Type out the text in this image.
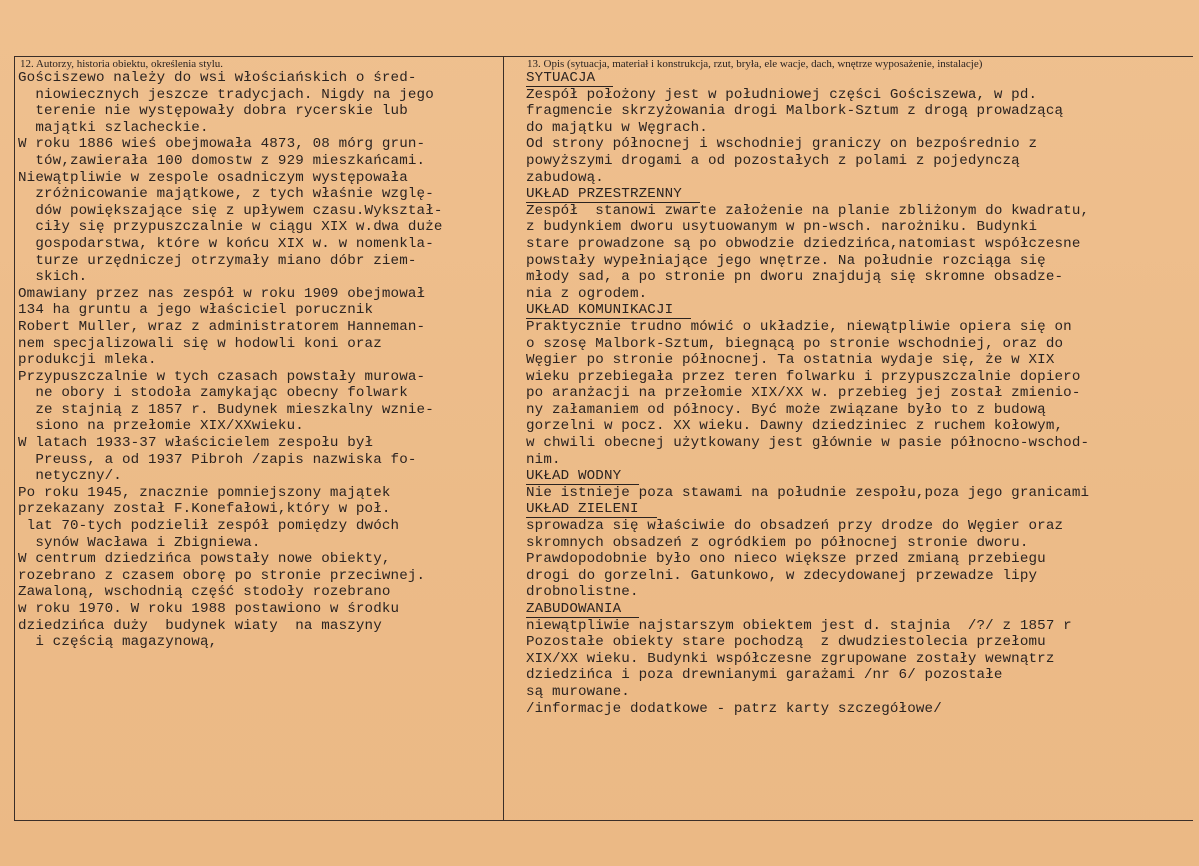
12. Autorzy, historia obiektu, określenia stylu.	13. Opis (sytuacja, materiał i konstrukcja, rzut, bryła, ele wacje, dach, wnętrze wyposażenie, instalacje)
Gościszewo należy do wsi włościańskich o śred-
niowiecznych jeszcze tradycjach. Nigdy na jego
terenie nie występowały dobra rycerskie lub
majątki szlacheckie.
W roku 1886 wieś obejmowała 4873, 08 mórg grun-
tów,zawierała 100 domostw z 929 mieszkańcami.
Niewątpliwie w zespole osadniczym występowała
zróżnicowanie majątkowe, z tych właśnie wzglę-
dów powiększające się z upływem czasu.Wykształ-
ciły się przypuszczalnie w ciągu XIX w.dwa duże
gospodarstwa, które w końcu XIX w. w nomenkla-
turze urzędniczej otrzymały miano dóbr ziem-
skich.
Omawiany przez nas zespół w roku 1909 obejmował
134 ha gruntu a jego właściciel porucznik
Robert Muller, wraz z administratorem Hanneman-
nem specjalizowali się w hodowli koni oraz
produkcji mleka.
Przypuszczalnie w tych czasach powstały murowa-
ne obory i stodoła zamykając obecny folwark
ze stajnią z 1857 r. Budynek mieszkalny wznie-
siono na przełomie XIX/XXwieku.
W latach 1933-37 właścicielem zespołu był
Preuss, a od 1937 Pibroh /zapis nazwiska fo-
netyczny/.
Po roku 1945, znacznie pomniejszony majątek
przekazany został F.Konefałowi,który w poł.
lat 70-tych podzielił zespół pomiędzy dwóch
synów Wacława i Zbigniewa.
W centrum dziedzińca powstały nowe obiekty,
rozebrano z czasem oborę po stronie przeciwnej.
Zawaloną, wschodnią część stodoły rozebrano
w roku 1970. W roku 1988 postawiono w środku
dziedzińca duży  budynek wiaty  na maszyny
i częścią magazynową,
SYTUACJA
Zespół położony jest w południowej części Gościszewa, w pd.
fragmencie skrzyżowania drogi Malbork-Sztum z drogą prowadzącą
do majątku w Węgrach.
Od strony północnej i wschodniej graniczy on bezpośrednio z
powyższymi drogami a od pozostałych z polami z pojedynczą
zabudową.
UKŁAD PRZESTRZENNY
Zespół  stanowi zwarte założenie na planie zbliżonym do kwadratu,
z budynkiem dworu usytuowanym w pn-wsch. narożniku. Budynki
stare prowadzone są po obwodzie dziedzińca,natomiast współczesne
powstały wypełniające jego wnętrze. Na południe rozciąga się
młody sad, a po stronie pn dworu znajdują się skromne obsadze-
nia z ogrodem.
UKŁAD KOMUNIKACJI
Praktycznie trudno mówić o układzie, niewątpliwie opiera się on
o szosę Malbork-Sztum, biegnącą po stronie wschodniej, oraz do
Węgier po stronie północnej. Ta ostatnia wydaje się, że w XIX
wieku przebiegała przez teren folwarku i przypuszczalnie dopiero
po aranżacji na przełomie XIX/XX w. przebieg jej został zmienio-
ny załamaniem od północy. Być może związane było to z budową
gorzelni w pocz. XX wieku. Dawny dziedziniec z ruchem kołowym,
w chwili obecnej użytkowany jest głównie w pasie północno-wschod-
nim.
UKŁAD WODNY
Nie istnieje poza stawami na południe zespołu,poza jego granicami
UKŁAD ZIELENI
sprowadza się właściwie do obsadzeń przy drodze do Węgier oraz
skromnych obsadzeń z ogródkiem po północnej stronie dworu.
Prawdopodobnie było ono nieco większe przed zmianą przebiegu
drogi do gorzelni. Gatunkowo, w zdecydowanej przewadze lipy
drobnolistne.
ZABUDOWANIA
niewątpliwie najstarszym obiektem jest d. stajnia  /?/ z 1857 r
Pozostałe obiekty stare pochodzą  z dwudziestolecia przełomu
XIX/XX wieku. Budynki współczesne zgrupowane zostały wewnątrz
dziedzińca i poza drewnianymi garażami /nr 6/ pozostałe
są murowane.
/informacje dodatkowe - patrz karty szczegółowe/
